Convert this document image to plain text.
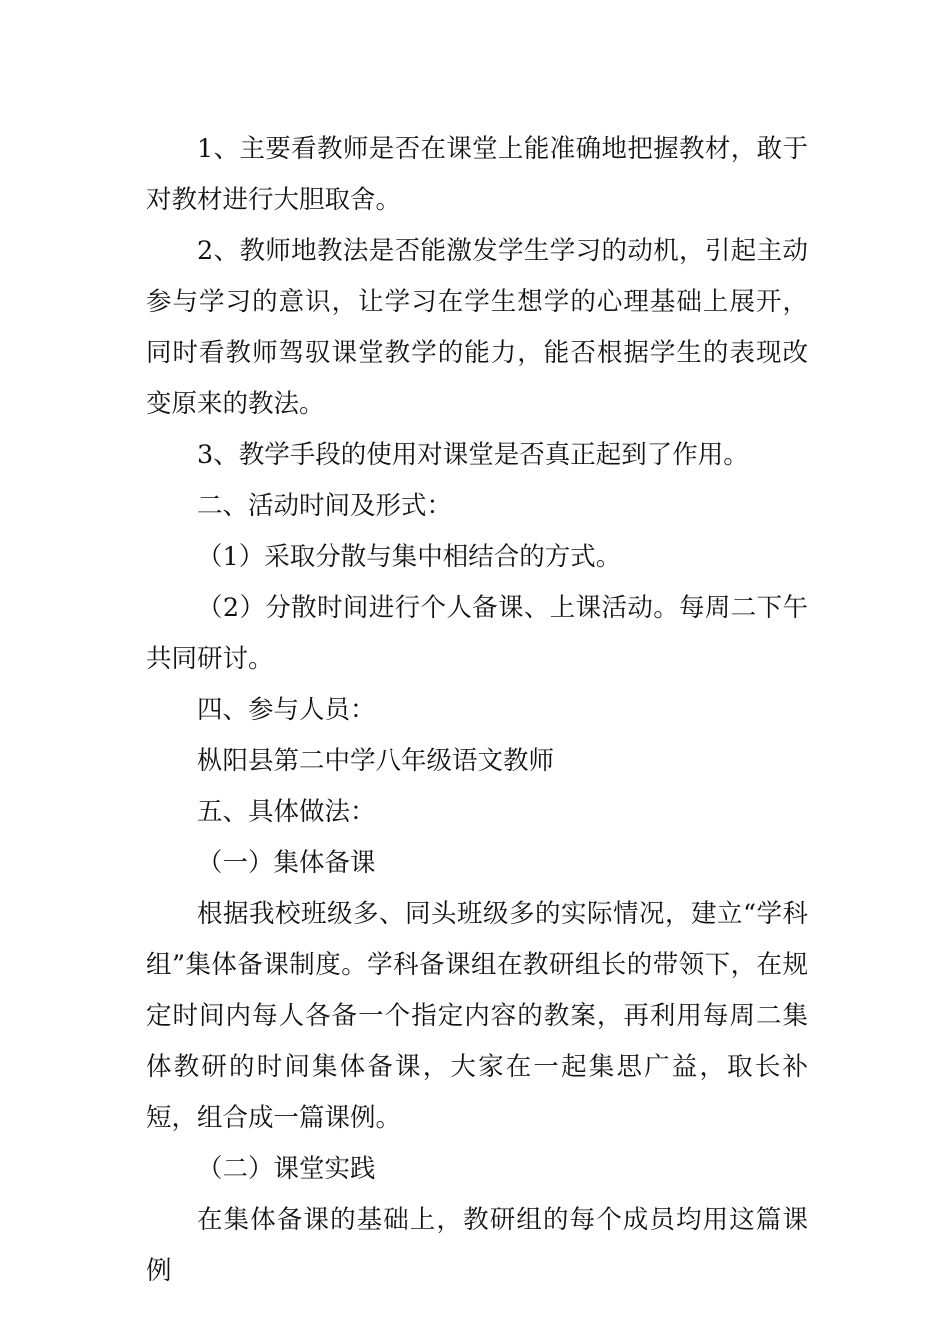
1、主要看教师是否在课堂上能准确地把握教材，敢于对教材进行大胆取舍。

2、教师地教法是否能激发学生学习的动机，引起主动参与学习的意识，让学习在学生想学的心理基础上展开，同时看教师驾驭课堂教学的能力，能否根据学生的表现改变原来的教法。

3、教学手段的使用对课堂是否真正起到了作用。

二、活动时间及形式：

（1）采取分散与集中相结合的方式。

（2）分散时间进行个人备课、上课活动。每周二下午共同研讨。

四、参与人员：

枞阳县第二中学八年级语文教师

五、具体做法：

（一）集体备课

根据我校班级多、同头班级多的实际情况，建立“学科组”集体备课制度。学科备课组在教研组长的带领下，在规定时间内每人各备一个指定内容的教案，再利用每周二集体教研的时间集体备课，大家在一起集思广益，取长补短，组合成一篇课例。

（二）课堂实践

在集体备课的基础上，教研组的每个成员均用这篇课例
